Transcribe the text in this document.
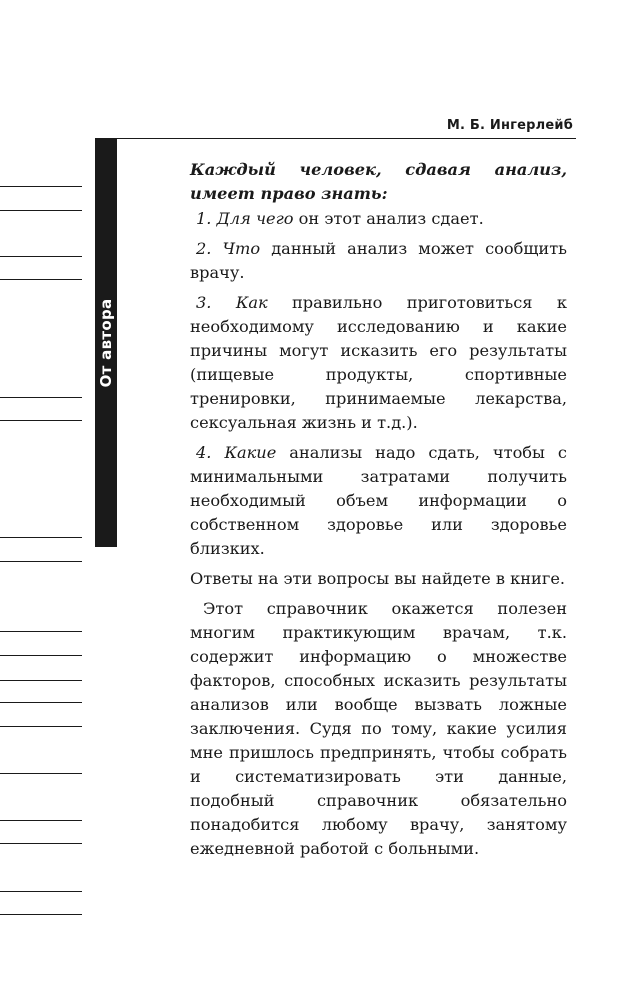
М. Б. Ингерлейб
От автора

Каждый человек, сдавая анализ, имеет право знать:

1. Для чего он этот анализ сдает.

2. Что данный анализ может сообщить врачу.

3. Как правильно приготовиться к необходимому исследованию и какие причины могут исказить его результаты (пищевые продукты, спортивные тренировки, принимаемые лекарства, сексуальная жизнь и т.д.).

4. Какие анализы надо сдать, чтобы с минимальными затратами получить необходимый объем информации о собственном здоровье или здоровье близких.

Ответы на эти вопросы вы найдете в книге.

Этот справочник окажется полезен многим практикующим врачам, т.к. содержит информацию о множестве факторов, способных исказить результаты анализов или вообще вызвать ложные заключения. Судя по тому, какие усилия мне пришлось предпринять, чтобы собрать и систематизировать эти данные, подобный справочник обязательно понадобится любому врачу, занятому ежедневной работой с больными.
